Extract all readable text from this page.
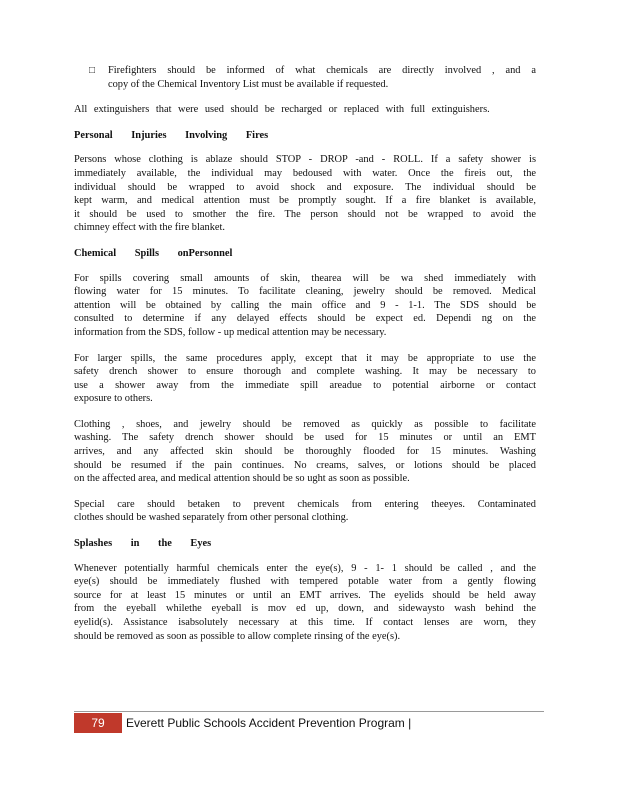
□	Firefighters should be informed of what chemicals are directly involved , and a
copy of the Chemical Inventory List must be available if requested.

All extinguishers that were used should be recharged or replaced with full extinguishers.

Personal Injuries Involving Fires
Persons whose clothing is ablaze should STOP - DROP -and - ROLL. If a safety shower is
immediately available, the individual may bedoused with water. Once the fireis out, the
individual should be wrapped to avoid shock and exposure. The individual should be
kept warm, and medical attention must be promptly sought. If a fire blanket is available,
it should be used to smother the fire. The person should not be wrapped to avoid the
chimney effect with the fire blanket.
Chemical Spills onPersonnel
For spills covering small amounts of skin, thearea will be wa shed immediately with
flowing water for 15 minutes. To facilitate cleaning, jewelry should be removed. Medical
attention will be obtained by calling the main office and 9 - 1-1. The SDS should be
consulted to determine if any delayed effects should be expect ed. Dependi ng on the
information from the SDS, follow - up medical attention may be necessary.
For larger spills, the same procedures apply, except that it may be appropriate to use the
safety drench shower to ensure thorough and complete washing. It may be necessary to
use a shower away from the immediate spill areadue to potential airborne or contact
exposure to others.
Clothing , shoes, and jewelry should be removed as quickly as possible to facilitate
washing. The safety drench shower should be used for 15 minutes or until an EMT
arrives, and any affected skin should be thoroughly flooded for 15 minutes. Washing
should be resumed if the pain continues. No creams, salves, or lotions should be placed
on the affected area, and medical attention should be so ught as soon as possible.
Special care should betaken to prevent chemicals from entering theeyes. Contaminated
clothes should be washed separately from other personal clothing.
Splashes in the Eyes
Whenever potentially harmful chemicals enter the eye(s), 9 - 1- 1 should be called , and the
eye(s) should be immediately flushed with tempered potable water from a gently flowing
source for at least 15 minutes or until an EMT arrives. The eyelids should be held away
from the eyeball whilethe eyeball is mov ed up, down, and sidewaysto wash behind the
eyelid(s). Assistance isabsolutely necessary at this time. If contact lenses are worn, they
should be removed as soon as possible to allow complete rinsing of the eye(s).
79	Everett Public Schools Accident Prevention Program |
